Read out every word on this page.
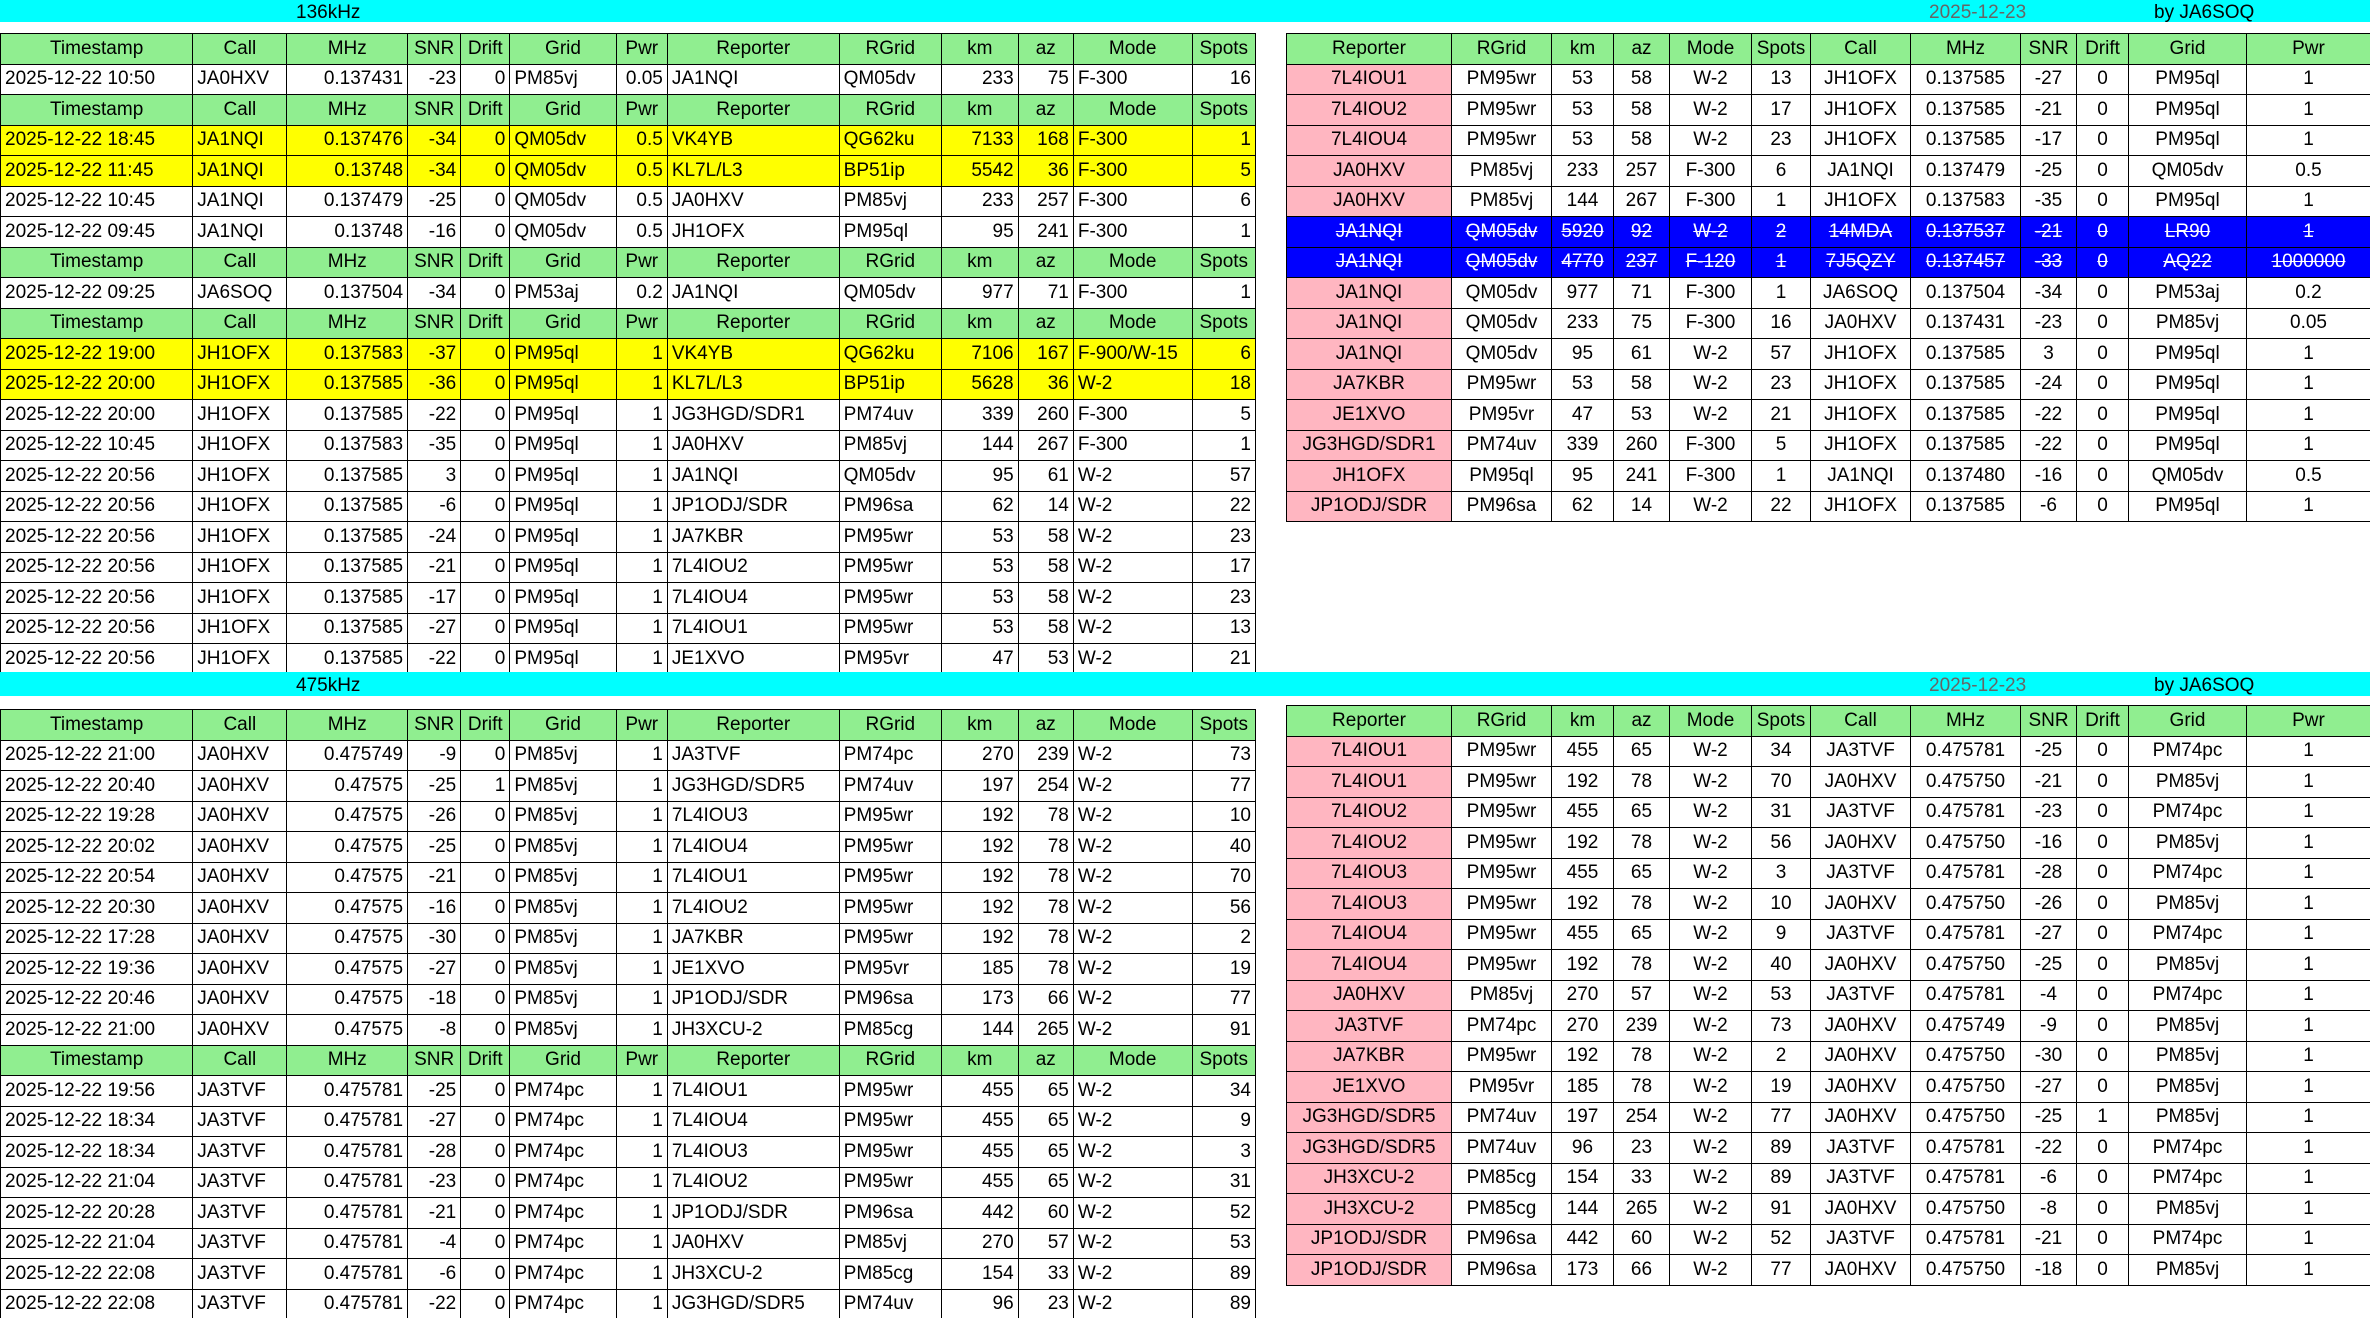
136kHz	2025-12-23	by JA6SOQ
Timestamp	Call	MHz	SNR	Drift	Grid	Pwr	Reporter	RGrid	km	az	Mode	Spots
2025-12-22 10:50	JA0HXV	0.137431	-23	0	PM85vj	0.05	JA1NQI	QM05dv	233	75	F-300	16
Timestamp	Call	MHz	SNR	Drift	Grid	Pwr	Reporter	RGrid	km	az	Mode	Spots
2025-12-22 18:45	JA1NQI	0.137476	-34	0	QM05dv	0.5	VK4YB	QG62ku	7133	168	F-300	1
2025-12-22 11:45	JA1NQI	0.13748	-34	0	QM05dv	0.5	KL7L/L3	BP51ip	5542	36	F-300	5
2025-12-22 10:45	JA1NQI	0.137479	-25	0	QM05dv	0.5	JA0HXV	PM85vj	233	257	F-300	6
2025-12-22 09:45	JA1NQI	0.13748	-16	0	QM05dv	0.5	JH1OFX	PM95ql	95	241	F-300	1
Timestamp	Call	MHz	SNR	Drift	Grid	Pwr	Reporter	RGrid	km	az	Mode	Spots
2025-12-22 09:25	JA6SOQ	0.137504	-34	0	PM53aj	0.2	JA1NQI	QM05dv	977	71	F-300	1
Timestamp	Call	MHz	SNR	Drift	Grid	Pwr	Reporter	RGrid	km	az	Mode	Spots
2025-12-22 19:00	JH1OFX	0.137583	-37	0	PM95ql	1	VK4YB	QG62ku	7106	167	F-900/W-15	6
2025-12-22 20:00	JH1OFX	0.137585	-36	0	PM95ql	1	KL7L/L3	BP51ip	5628	36	W-2	18
2025-12-22 20:00	JH1OFX	0.137585	-22	0	PM95ql	1	JG3HGD/SDR1	PM74uv	339	260	F-300	5
2025-12-22 10:45	JH1OFX	0.137583	-35	0	PM95ql	1	JA0HXV	PM85vj	144	267	F-300	1
2025-12-22 20:56	JH1OFX	0.137585	3	0	PM95ql	1	JA1NQI	QM05dv	95	61	W-2	57
2025-12-22 20:56	JH1OFX	0.137585	-6	0	PM95ql	1	JP1ODJ/SDR	PM96sa	62	14	W-2	22
2025-12-22 20:56	JH1OFX	0.137585	-24	0	PM95ql	1	JA7KBR	PM95wr	53	58	W-2	23
2025-12-22 20:56	JH1OFX	0.137585	-21	0	PM95ql	1	7L4IOU2	PM95wr	53	58	W-2	17
2025-12-22 20:56	JH1OFX	0.137585	-17	0	PM95ql	1	7L4IOU4	PM95wr	53	58	W-2	23
2025-12-22 20:56	JH1OFX	0.137585	-27	0	PM95ql	1	7L4IOU1	PM95wr	53	58	W-2	13
2025-12-22 20:56	JH1OFX	0.137585	-22	0	PM95ql	1	JE1XVO	PM95vr	47	53	W-2	21
Reporter	RGrid	km	az	Mode	Spots	Call	MHz	SNR	Drift	Grid	Pwr
7L4IOU1	PM95wr	53	58	W-2	13	JH1OFX	0.137585	-27	0	PM95ql	1
7L4IOU2	PM95wr	53	58	W-2	17	JH1OFX	0.137585	-21	0	PM95ql	1
7L4IOU4	PM95wr	53	58	W-2	23	JH1OFX	0.137585	-17	0	PM95ql	1
JA0HXV	PM85vj	233	257	F-300	6	JA1NQI	0.137479	-25	0	QM05dv	0.5
JA0HXV	PM85vj	144	267	F-300	1	JH1OFX	0.137583	-35	0	PM95ql	1
JA1NQI	QM05dv	5920	92	W-2	2	14MDA	0.137537	-21	0	LR90	1
JA1NQI	QM05dv	4770	237	F-120	1	7J5QZY	0.137457	-33	0	AQ22	1000000
JA1NQI	QM05dv	977	71	F-300	1	JA6SOQ	0.137504	-34	0	PM53aj	0.2
JA1NQI	QM05dv	233	75	F-300	16	JA0HXV	0.137431	-23	0	PM85vj	0.05
JA1NQI	QM05dv	95	61	W-2	57	JH1OFX	0.137585	3	0	PM95ql	1
JA7KBR	PM95wr	53	58	W-2	23	JH1OFX	0.137585	-24	0	PM95ql	1
JE1XVO	PM95vr	47	53	W-2	21	JH1OFX	0.137585	-22	0	PM95ql	1
JG3HGD/SDR1	PM74uv	339	260	F-300	5	JH1OFX	0.137585	-22	0	PM95ql	1
JH1OFX	PM95ql	95	241	F-300	1	JA1NQI	0.137480	-16	0	QM05dv	0.5
JP1ODJ/SDR	PM96sa	62	14	W-2	22	JH1OFX	0.137585	-6	0	PM95ql	1
475kHz	2025-12-23	by JA6SOQ
Timestamp	Call	MHz	SNR	Drift	Grid	Pwr	Reporter	RGrid	km	az	Mode	Spots
2025-12-22 21:00	JA0HXV	0.475749	-9	0	PM85vj	1	JA3TVF	PM74pc	270	239	W-2	73
2025-12-22 20:40	JA0HXV	0.47575	-25	1	PM85vj	1	JG3HGD/SDR5	PM74uv	197	254	W-2	77
2025-12-22 19:28	JA0HXV	0.47575	-26	0	PM85vj	1	7L4IOU3	PM95wr	192	78	W-2	10
2025-12-22 20:02	JA0HXV	0.47575	-25	0	PM85vj	1	7L4IOU4	PM95wr	192	78	W-2	40
2025-12-22 20:54	JA0HXV	0.47575	-21	0	PM85vj	1	7L4IOU1	PM95wr	192	78	W-2	70
2025-12-22 20:30	JA0HXV	0.47575	-16	0	PM85vj	1	7L4IOU2	PM95wr	192	78	W-2	56
2025-12-22 17:28	JA0HXV	0.47575	-30	0	PM85vj	1	JA7KBR	PM95wr	192	78	W-2	2
2025-12-22 19:36	JA0HXV	0.47575	-27	0	PM85vj	1	JE1XVO	PM95vr	185	78	W-2	19
2025-12-22 20:46	JA0HXV	0.47575	-18	0	PM85vj	1	JP1ODJ/SDR	PM96sa	173	66	W-2	77
2025-12-22 21:00	JA0HXV	0.47575	-8	0	PM85vj	1	JH3XCU-2	PM85cg	144	265	W-2	91
Timestamp	Call	MHz	SNR	Drift	Grid	Pwr	Reporter	RGrid	km	az	Mode	Spots
2025-12-22 19:56	JA3TVF	0.475781	-25	0	PM74pc	1	7L4IOU1	PM95wr	455	65	W-2	34
2025-12-22 18:34	JA3TVF	0.475781	-27	0	PM74pc	1	7L4IOU4	PM95wr	455	65	W-2	9
2025-12-22 18:34	JA3TVF	0.475781	-28	0	PM74pc	1	7L4IOU3	PM95wr	455	65	W-2	3
2025-12-22 21:04	JA3TVF	0.475781	-23	0	PM74pc	1	7L4IOU2	PM95wr	455	65	W-2	31
2025-12-22 20:28	JA3TVF	0.475781	-21	0	PM74pc	1	JP1ODJ/SDR	PM96sa	442	60	W-2	52
2025-12-22 21:04	JA3TVF	0.475781	-4	0	PM74pc	1	JA0HXV	PM85vj	270	57	W-2	53
2025-12-22 22:08	JA3TVF	0.475781	-6	0	PM74pc	1	JH3XCU-2	PM85cg	154	33	W-2	89
2025-12-22 22:08	JA3TVF	0.475781	-22	0	PM74pc	1	JG3HGD/SDR5	PM74uv	96	23	W-2	89
Reporter	RGrid	km	az	Mode	Spots	Call	MHz	SNR	Drift	Grid	Pwr
7L4IOU1	PM95wr	455	65	W-2	34	JA3TVF	0.475781	-25	0	PM74pc	1
7L4IOU1	PM95wr	192	78	W-2	70	JA0HXV	0.475750	-21	0	PM85vj	1
7L4IOU2	PM95wr	455	65	W-2	31	JA3TVF	0.475781	-23	0	PM74pc	1
7L4IOU2	PM95wr	192	78	W-2	56	JA0HXV	0.475750	-16	0	PM85vj	1
7L4IOU3	PM95wr	455	65	W-2	3	JA3TVF	0.475781	-28	0	PM74pc	1
7L4IOU3	PM95wr	192	78	W-2	10	JA0HXV	0.475750	-26	0	PM85vj	1
7L4IOU4	PM95wr	455	65	W-2	9	JA3TVF	0.475781	-27	0	PM74pc	1
7L4IOU4	PM95wr	192	78	W-2	40	JA0HXV	0.475750	-25	0	PM85vj	1
JA0HXV	PM85vj	270	57	W-2	53	JA3TVF	0.475781	-4	0	PM74pc	1
JA3TVF	PM74pc	270	239	W-2	73	JA0HXV	0.475749	-9	0	PM85vj	1
JA7KBR	PM95wr	192	78	W-2	2	JA0HXV	0.475750	-30	0	PM85vj	1
JE1XVO	PM95vr	185	78	W-2	19	JA0HXV	0.475750	-27	0	PM85vj	1
JG3HGD/SDR5	PM74uv	197	254	W-2	77	JA0HXV	0.475750	-25	1	PM85vj	1
JG3HGD/SDR5	PM74uv	96	23	W-2	89	JA3TVF	0.475781	-22	0	PM74pc	1
JH3XCU-2	PM85cg	154	33	W-2	89	JA3TVF	0.475781	-6	0	PM74pc	1
JH3XCU-2	PM85cg	144	265	W-2	91	JA0HXV	0.475750	-8	0	PM85vj	1
JP1ODJ/SDR	PM96sa	442	60	W-2	52	JA3TVF	0.475781	-21	0	PM74pc	1
JP1ODJ/SDR	PM96sa	173	66	W-2	77	JA0HXV	0.475750	-18	0	PM85vj	1
